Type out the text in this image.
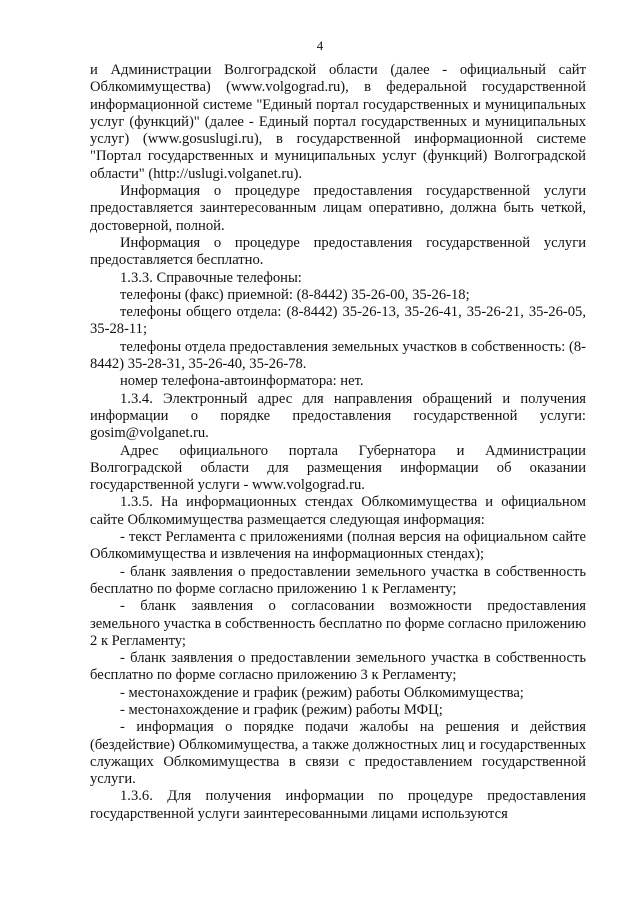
4

и Администрации Волгоградской области (далее - официальный сайт Облкомимущества) (www.volgograd.ru), в федеральной государственной информационной системе "Единый портал государственных и муниципальных услуг (функций)" (далее - Единый портал государственных и муниципальных услуг) (www.gosuslugi.ru), в государственной информационной системе "Портал государственных и муниципальных услуг (функций) Волгоградской области" (http://uslugi.volganet.ru).

Информация о процедуре предоставления государственной услуги предоставляется заинтересованным лицам оперативно, должна быть четкой, достоверной, полной.

Информация о процедуре предоставления государственной услуги предоставляется бесплатно.

1.3.3. Справочные телефоны:

телефоны (факс) приемной: (8-8442) 35-26-00, 35-26-18;

телефоны общего отдела: (8-8442) 35-26-13, 35-26-41, 35-26-21, 35-26-05, 35-28-11;

телефоны отдела предоставления земельных участков в собственность: (8-8442) 35-28-31, 35-26-40, 35-26-78.

номер телефона-автоинформатора: нет.

1.3.4. Электронный адрес для направления обращений и получения информации о порядке предоставления государственной услуги: gosim@volganet.ru.

Адрес официального портала Губернатора и Администрации Волгоградской области для размещения информации об оказании государственной услуги - www.volgograd.ru.

1.3.5. На информационных стендах Облкомимущества и официальном сайте Облкомимущества размещается следующая информация:

- текст Регламента с приложениями (полная версия на официальном сайте Облкомимущества и извлечения на информационных стендах);

- бланк заявления о предоставлении земельного участка в собственность бесплатно по форме согласно приложению 1 к Регламенту;

- бланк заявления о согласовании возможности предоставления земельного участка в собственность бесплатно по форме согласно приложению 2 к Регламенту;

- бланк заявления о предоставлении земельного участка в собственность бесплатно по форме согласно приложению 3 к Регламенту;

- местонахождение и график (режим) работы Облкомимущества;

- местонахождение и график (режим) работы МФЦ;

- информация о порядке подачи жалобы на решения и действия (бездействие) Облкомимущества, а также должностных лиц и государственных служащих Облкомимущества в связи с предоставлением государственной услуги.

1.3.6. Для получения информации по процедуре предоставления государственной услуги заинтересованными лицами используются
